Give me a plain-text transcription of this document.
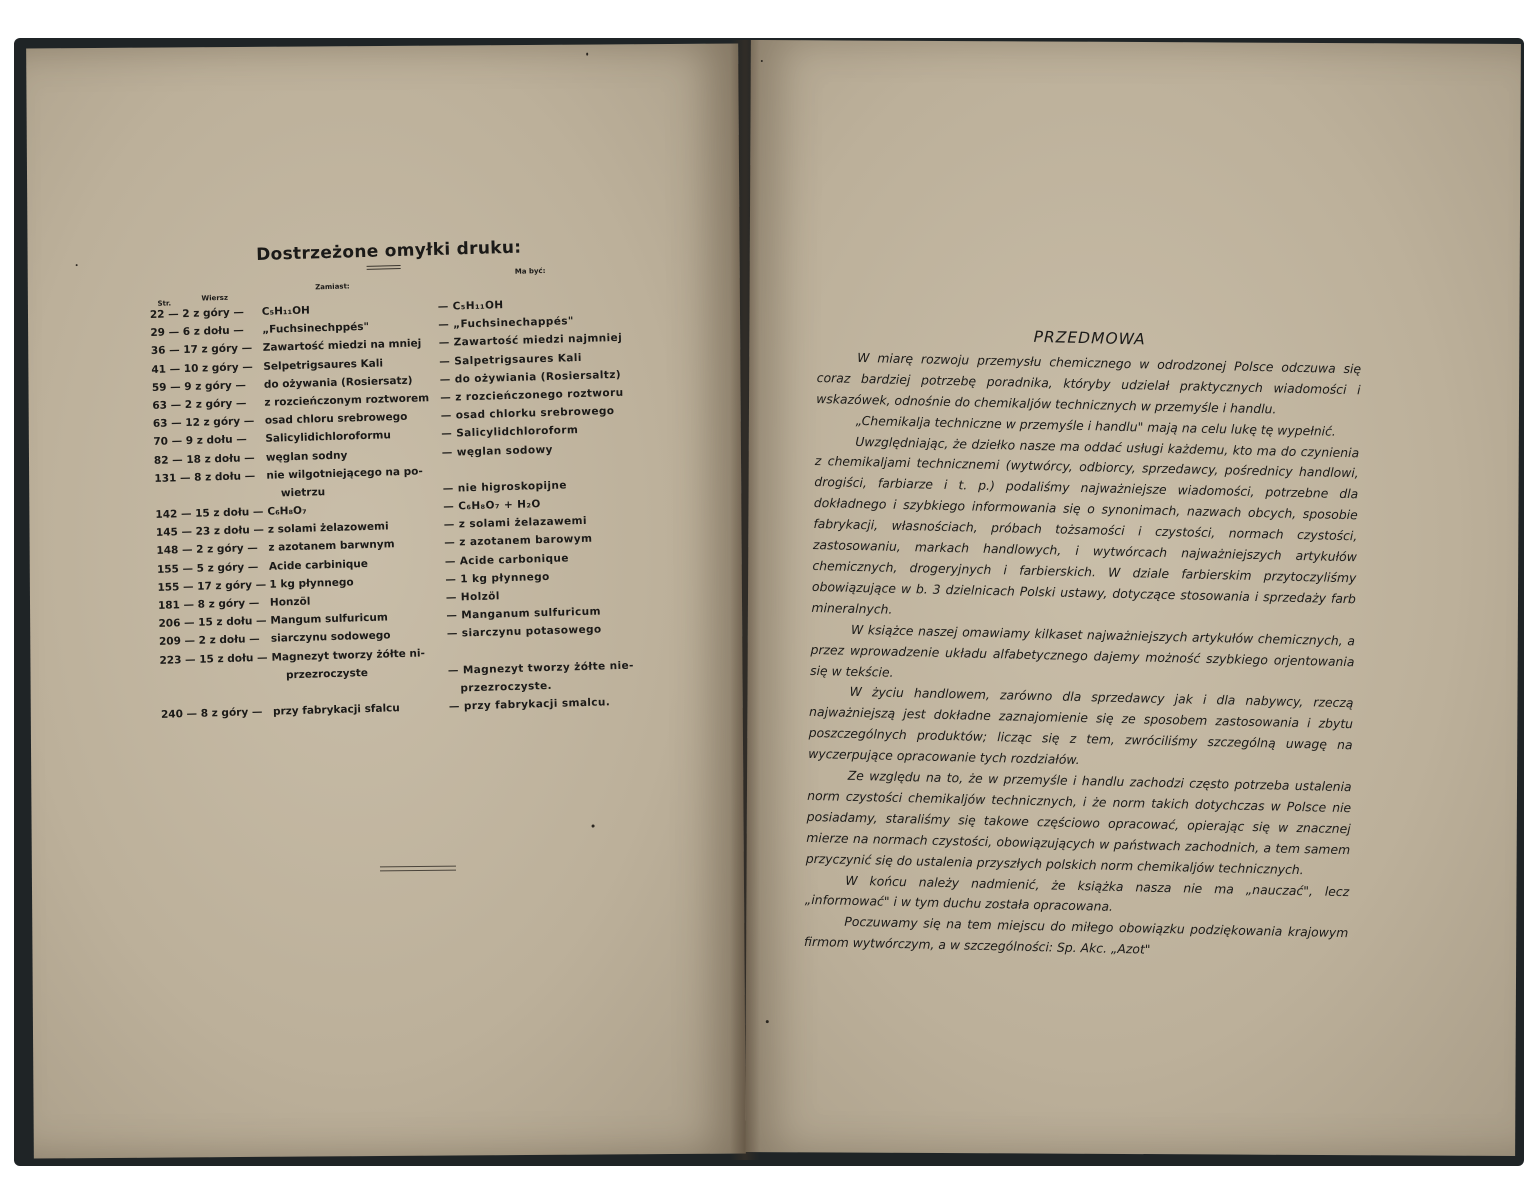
Dostrzeżone omyłki druku:
Str.
Wiersz
Zamiast:
Ma być:
22 — 2 z góry —	C₅H₁₁OH	— C₅H₁₁OH
29 — 6 z dołu —	„Fuchsinechppés"	— „Fuchsinechappés"
36 — 17 z góry — Zawartość miedzi na mniej	— Zawartość miedzi najmniej
41 — 10 z góry — Selpetrigsaures Kali	— Salpetrigsaures Kali
59 — 9 z góry —	do ożywania (Rosiersatz)	— do ożywiania (Rosiersaltz)
63 — 2 z góry —	z rozcieńczonym roztworem	— z rozcieńczonego roztworu
63 — 12 z góry — osad chloru srebrowego	— osad chlorku srebrowego
70 — 9 z dołu —	Salicylidichloroformu	— Salicylidchloroform
82 — 18 z dołu —	węglan sodny	— węglan sodowy
131 — 8 z dołu —	nie wilgotniejącego na po-
wietrzu	— nie higroskopijne
142 — 15 z dołu — C₆H₈O₇	— C₆H₈O₇ + H₂O
145 — 23 z dołu — z solami żelazowemi	— z solami żelazawemi
148 — 2 z góry — z azotanem barwnym	— z azotanem barowym
155 — 5 z góry — Acide carbinique	— Acide carbonique
155 — 17 z góry — 1 kg płynnego	— 1 kg płynnego
181 — 8 z góry — Honzöl	— Holzöl
206 — 15 z dołu — Mangum sulfuricum	— Manganum sulfuricum
209 — 2 z dołu —	siarczynu sodowego	— siarczynu potasowego
223 — 15 z dołu — Magnezyt tworzy żółte ni-
przezroczyste	— Magnezyt tworzy żółte nie-
przezroczyste.
240 — 8 z góry — przy fabrykacji sfalcu	— przy fabrykacji smalcu.
PRZEDMOWA

W miarę rozwoju przemysłu chemicznego w odrodzonej Polsce odczuwa się coraz bardziej potrzebę poradnika, któryby udzielał praktycznych wiadomości i wskazówek, odnośnie do chemikaljów technicznych w przemyśle i handlu.

„Chemikalja techniczne w przemyśle i handlu" mają na celu lukę tę wypełnić.

Uwzględniając, że dziełko nasze ma oddać usługi każdemu, kto ma do czynienia z chemikaljami technicznemi (wytwórcy, odbiorcy, sprzedawcy, pośrednicy handlowi, drogiści, farbiarze i t. p.) podaliśmy najważniejsze wiadomości, potrzebne dla dokładnego i szybkiego informowania się o synonimach, nazwach obcych, sposobie fabrykacji, własnościach, próbach tożsamości i czystości, normach czystości, zastosowaniu, markach handlowych, i wytwórcach najważniejszych artykułów chemicznych, drogeryjnych i farbierskich. W dziale farbierskim przytoczyliśmy obowiązujące w b. 3 dzielnicach Polski ustawy, dotyczące stosowania i sprzedaży farb mineralnych.

W książce naszej omawiamy kilkaset najważniejszych artykułów chemicznych, a przez wprowadzenie układu alfabetycznego dajemy możność szybkiego orjentowania się w tekście.

W życiu handlowem, zarówno dla sprzedawcy jak i dla nabywcy, rzeczą najważniejszą jest dokładne zaznajomienie się ze sposobem zastosowania i zbytu poszczególnych produktów; licząc się z tem, zwróciliśmy szczególną uwagę na wyczerpujące opracowanie tych rozdziałów.

Ze względu na to, że w przemyśle i handlu zachodzi często potrzeba ustalenia norm czystości chemikaljów technicznych, i że norm takich dotychczas w Polsce nie posiadamy, staraliśmy się takowe częściowo opracować, opierając się w znacznej mierze na normach czystości, obowiązujących w państwach zachodnich, a tem samem przyczynić się do ustalenia przyszłych polskich norm chemikaljów technicznych.

W końcu należy nadmienić, że książka nasza nie ma „nauczać", lecz „informować" i w tym duchu została opracowana.

Poczuwamy się na tem miejscu do miłego obowiązku podziękowania krajowym firmom wytwórczym, a w szczególności: Sp. Akc. „Azot"
